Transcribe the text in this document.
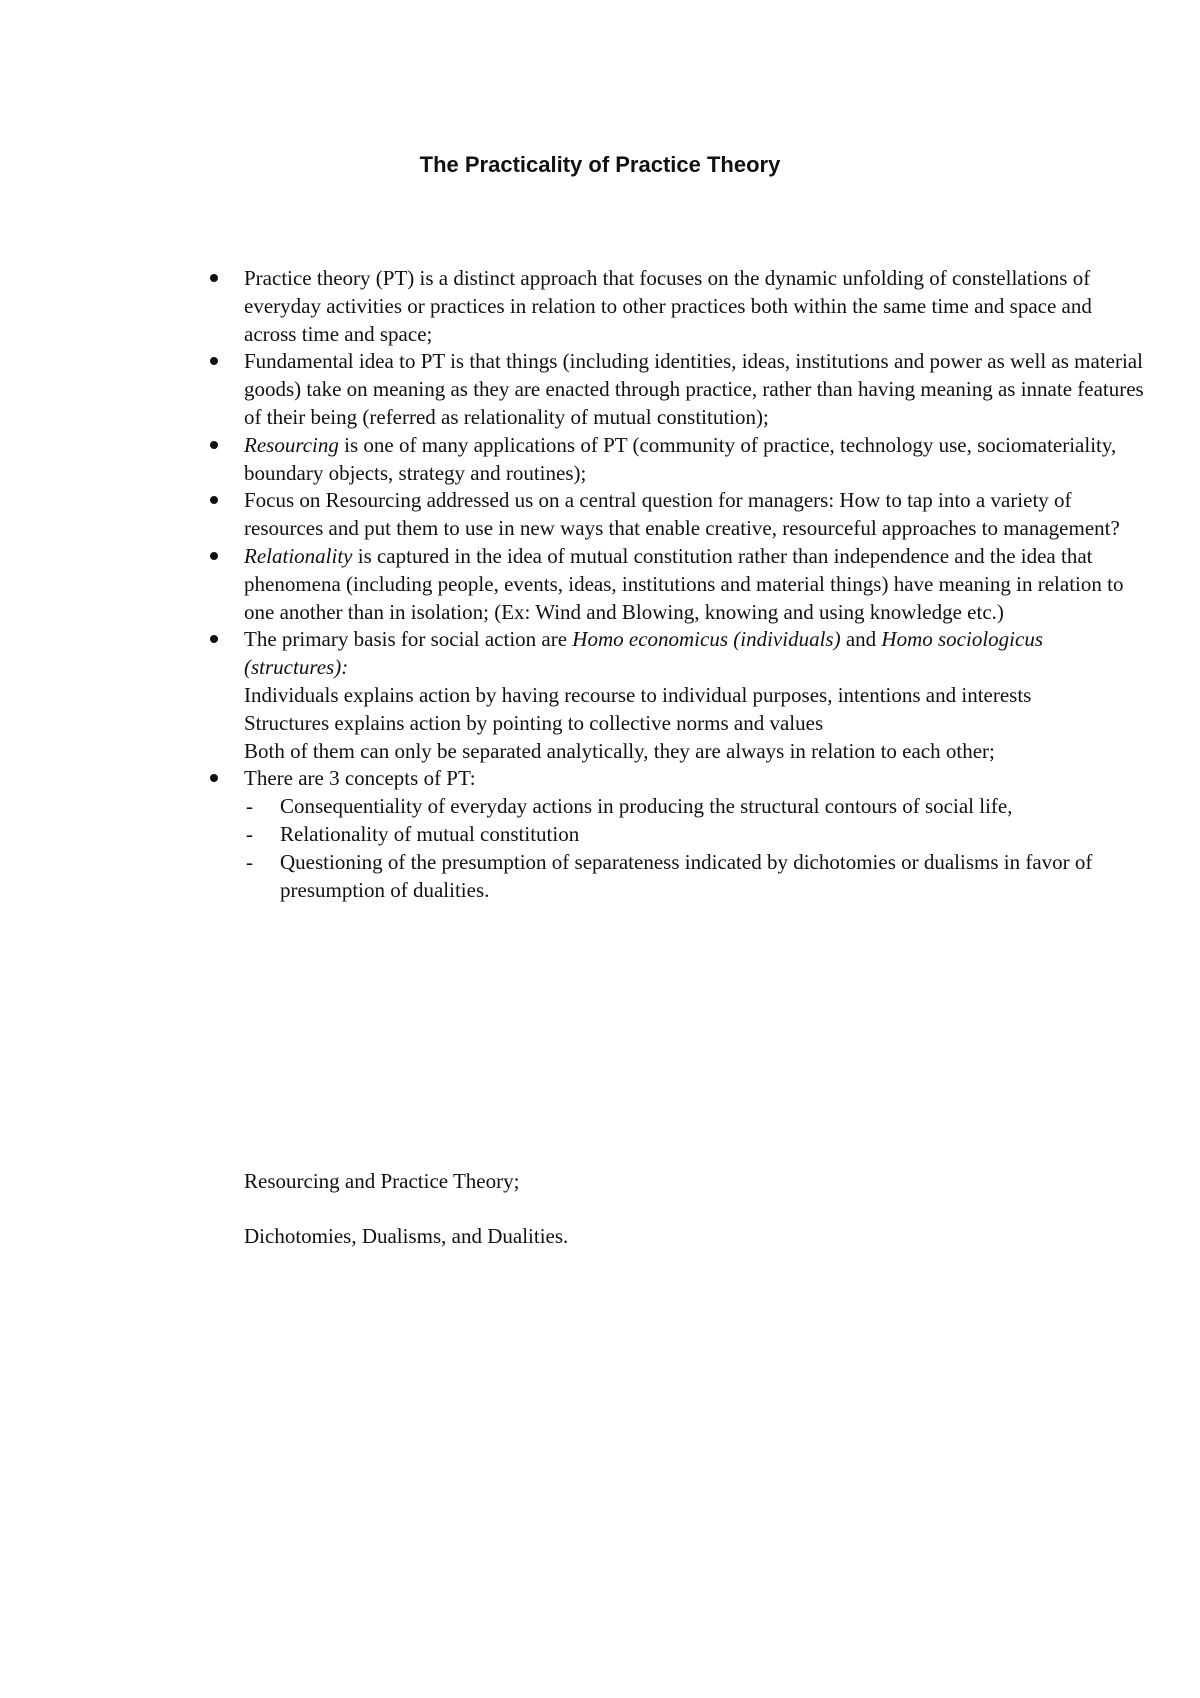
The Practicality of Practice Theory
Practice theory (PT) is a distinct approach that focuses on the dynamic unfolding of constellations of everyday activities or practices in relation to other practices both within the same time and space and across time and space;
Fundamental idea to PT is that things (including identities, ideas, institutions and power as well as material goods) take on meaning as they are enacted through practice, rather than having meaning as innate features of their being (referred as relationality of mutual constitution);
Resourcing is one of many applications of PT (community of practice, technology use, sociomateriality, boundary objects, strategy and routines);
Focus on Resourcing addressed us on a central question for managers: How to tap into a variety of resources and put them to use in new ways that enable creative, resourceful approaches to management?
Relationality is captured in the idea of mutual constitution rather than independence and the idea that phenomena (including people, events, ideas, institutions and material things) have meaning in relation to one another than in isolation; (Ex: Wind and Blowing, knowing and using knowledge etc.)
The primary basis for social action are Homo economicus (individuals) and Homo sociologicus (structures):
Individuals explains action by having recourse to individual purposes, intentions and interests
Structures explains action by pointing to collective norms and values
Both of them can only be separated analytically, they are always in relation to each other;
There are 3 concepts of PT:
- Consequentiality of everyday actions in producing the structural contours of social life,
- Relationality of mutual constitution
- Questioning of the presumption of separateness indicated by dichotomies or dualisms in favor of presumption of dualities.
Resourcing and Practice Theory;
Dichotomies, Dualisms, and Dualities.
